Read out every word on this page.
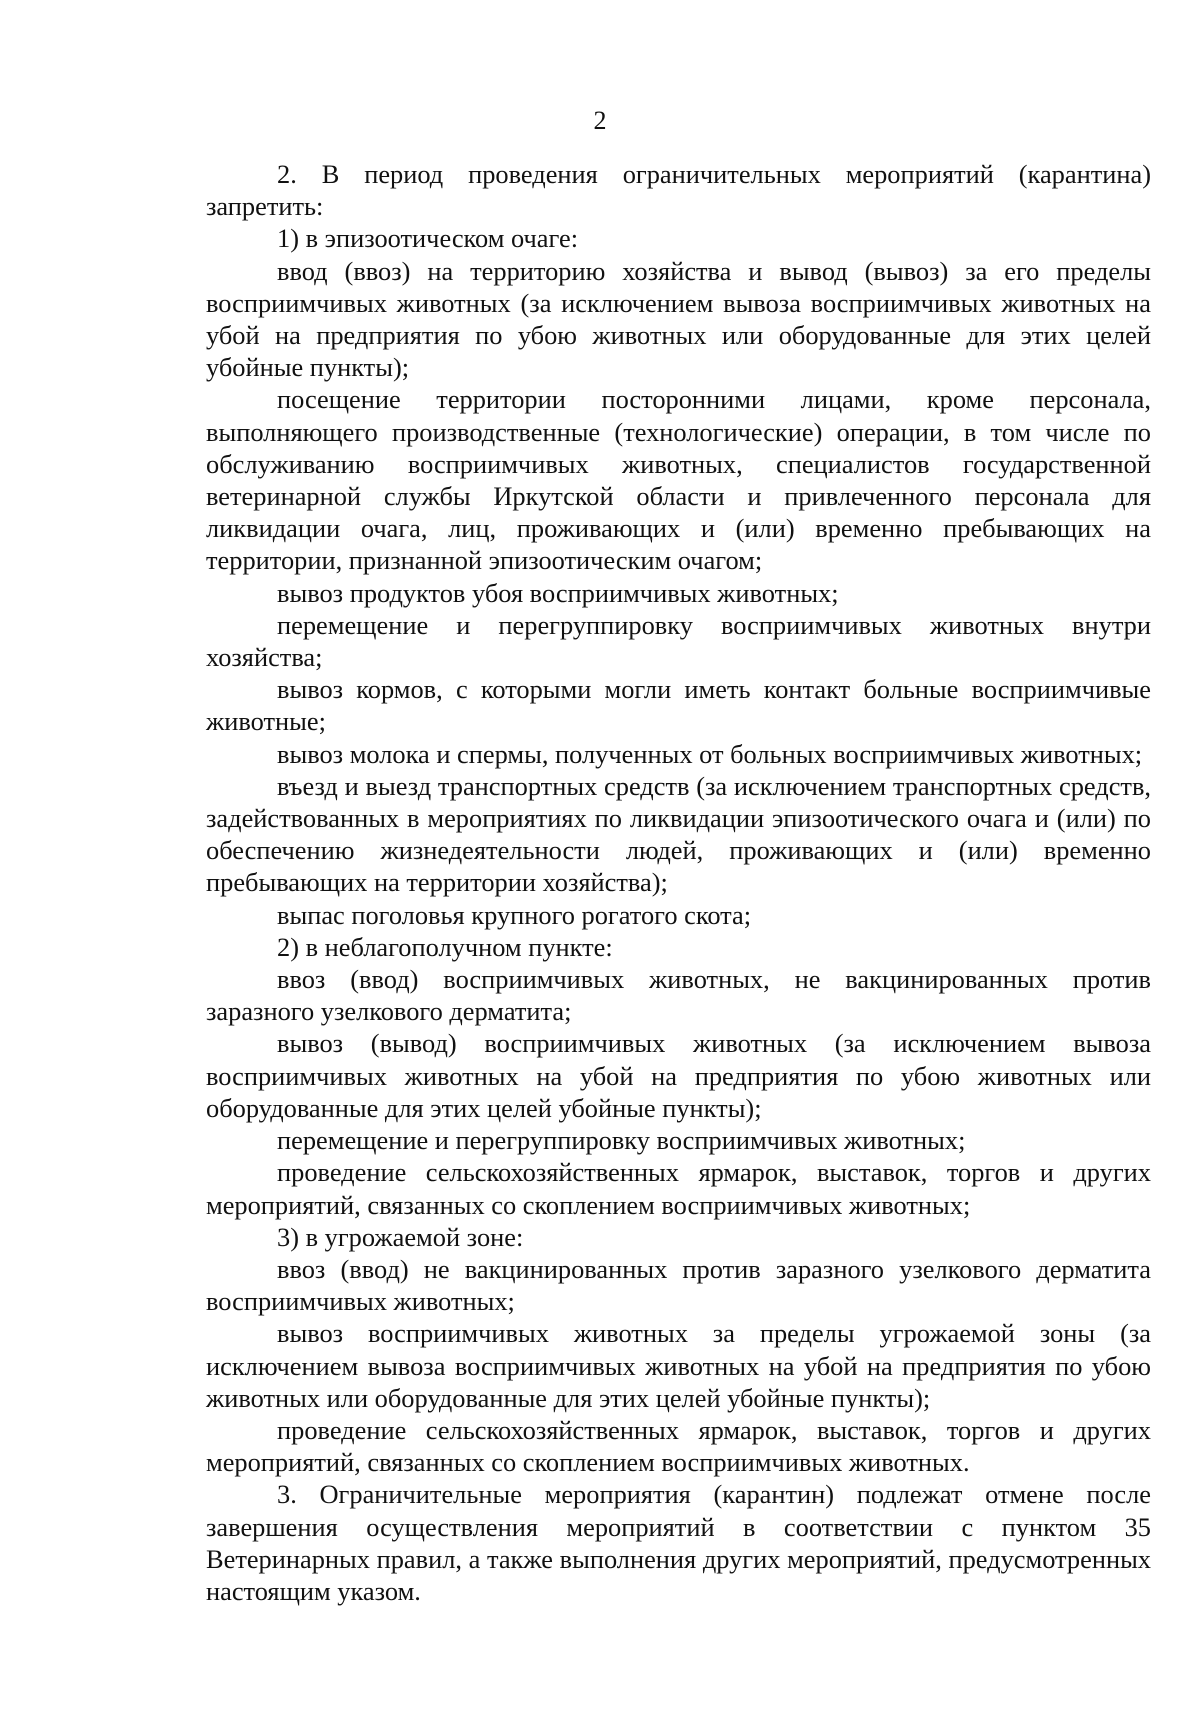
2

2. В период проведения ограничительных мероприятий (карантина) запретить:

1) в эпизоотическом очаге:

ввод (ввоз) на территорию хозяйства и вывод (вывоз) за его пределы восприимчивых животных (за исключением вывоза восприимчивых животных на убой на предприятия по убою животных или оборудованные для этих целей убойные пункты);

посещение территории посторонними лицами, кроме персонала, выполняющего производственные (технологические) операции, в том числе по обслуживанию восприимчивых животных, специалистов государственной ветеринарной службы Иркутской области и привлеченного персонала для ликвидации очага, лиц, проживающих и (или) временно пребывающих на территории, признанной эпизоотическим очагом;

вывоз продуктов убоя восприимчивых животных;

перемещение и перегруппировку восприимчивых животных внутри хозяйства;

вывоз кормов, с которыми могли иметь контакт больные восприимчивые животные;

вывоз молока и спермы, полученных от больных восприимчивых животных;

въезд и выезд транспортных средств (за исключением транспортных средств, задействованных в мероприятиях по ликвидации эпизоотического очага и (или) по обеспечению жизнедеятельности людей, проживающих и (или) временно пребывающих на территории хозяйства);

выпас поголовья крупного рогатого скота;

2) в неблагополучном пункте:

ввоз (ввод) восприимчивых животных, не вакцинированных против заразного узелкового дерматита;

вывоз (вывод) восприимчивых животных (за исключением вывоза восприимчивых животных на убой на предприятия по убою животных или оборудованные для этих целей убойные пункты);

перемещение и перегруппировку восприимчивых животных;

проведение сельскохозяйственных ярмарок, выставок, торгов и других мероприятий, связанных со скоплением восприимчивых животных;

3) в угрожаемой зоне:

ввоз (ввод) не вакцинированных против заразного узелкового дерматита восприимчивых животных;

вывоз восприимчивых животных за пределы угрожаемой зоны (за исключением вывоза восприимчивых животных на убой на предприятия по убою животных или оборудованные для этих целей убойные пункты);

проведение сельскохозяйственных ярмарок, выставок, торгов и других мероприятий, связанных со скоплением восприимчивых животных.

3. Ограничительные мероприятия (карантин) подлежат отмене после завершения осуществления мероприятий в соответствии с пунктом 35 Ветеринарных правил, а также выполнения других мероприятий, предусмотренных настоящим указом.
